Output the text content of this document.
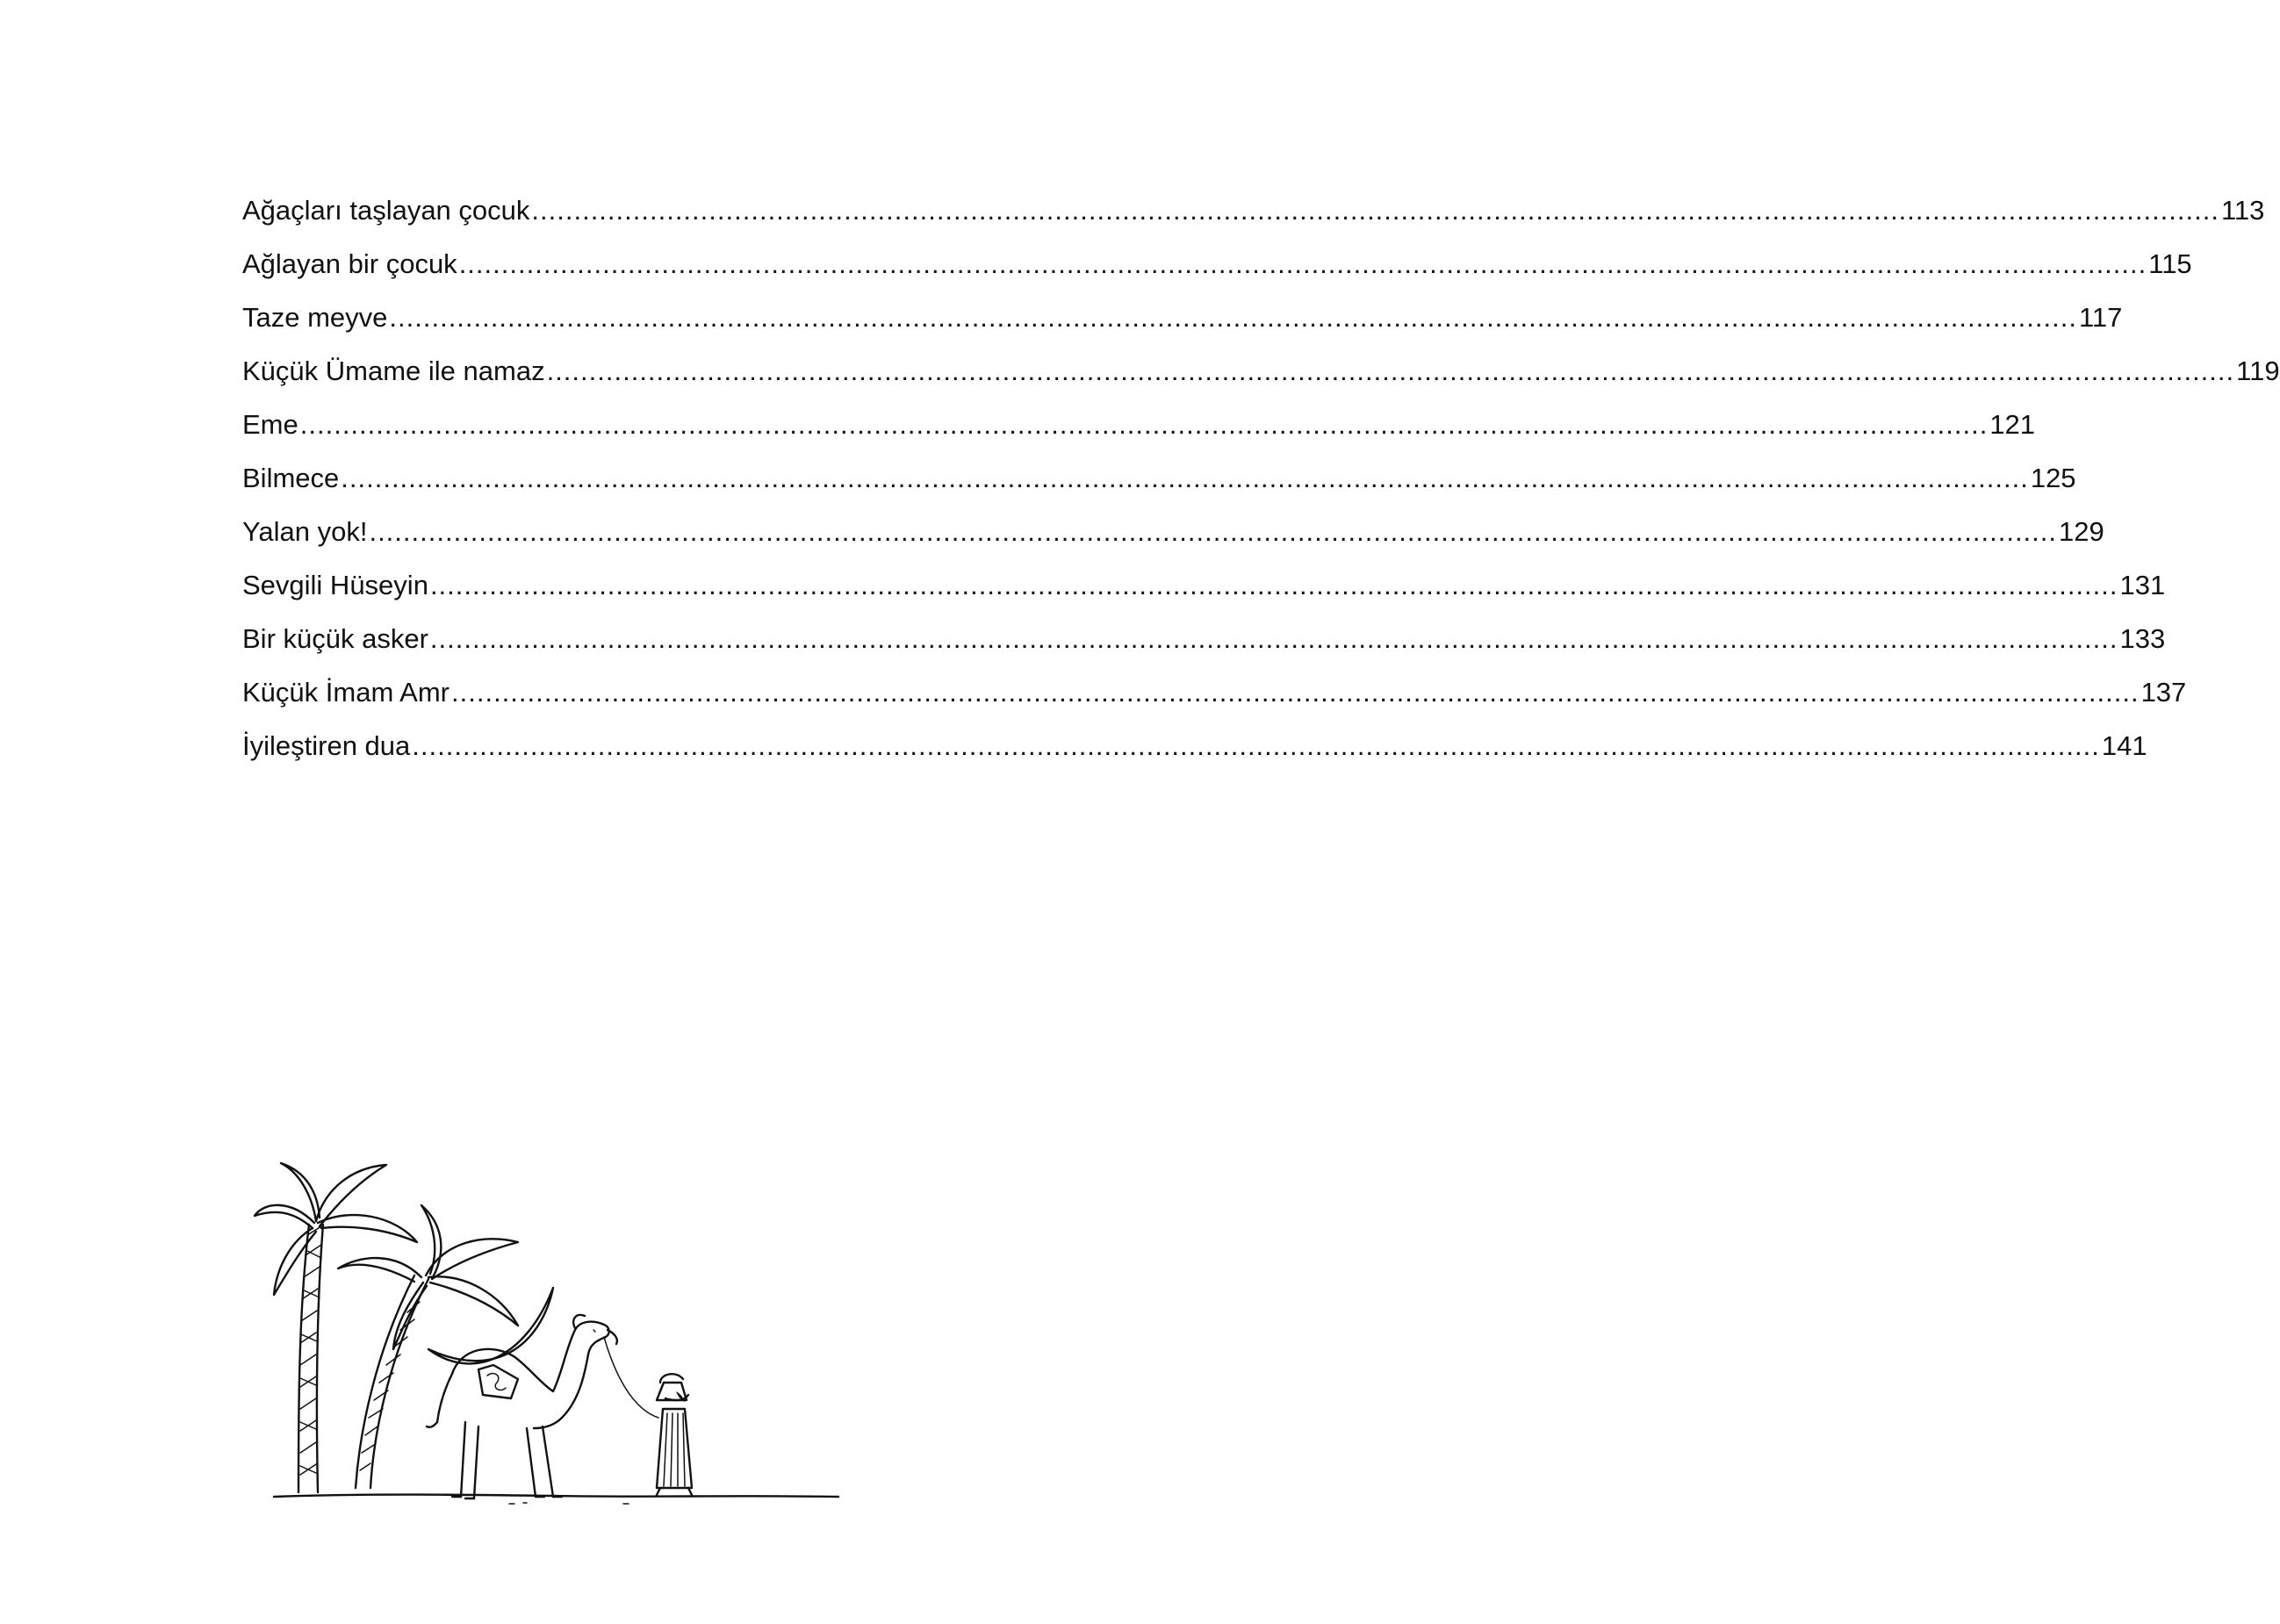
Ağaçları taşlayan çocuk ........................................................................................................................................................................................................ 113
Ağlayan bir çocuk ........................................................................................................................................................................................................ 115
Taze meyve ........................................................................................................................................................................................................ 117
Küçük Ümame ile namaz ........................................................................................................................................................................................................ 119
Eme ........................................................................................................................................................................................................ 121
Bilmece ........................................................................................................................................................................................................ 125
Yalan yok! ........................................................................................................................................................................................................ 129
Sevgili Hüseyin ........................................................................................................................................................................................................ 131
Bir küçük asker ........................................................................................................................................................................................................ 133
Küçük İmam Amr ........................................................................................................................................................................................................ 137
İyileştiren dua ........................................................................................................................................................................................................ 141
